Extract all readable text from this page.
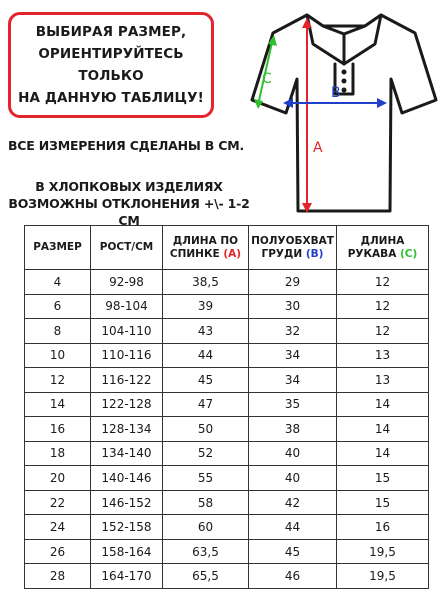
ВЫБИРАЯ РАЗМЕР,
ОРИЕНТИРУЙТЕСЬ ТОЛЬКО
НА ДАННУЮ ТАБЛИЦУ!
ВСЕ ИЗМЕРЕНИЯ СДЕЛАНЫ В СМ.
В ХЛОПКОВЫХ ИЗДЕЛИЯХ
ВОЗМОЖНЫ ОТКЛОНЕНИЯ +\- 1-2 СМ
A
B
C
РАЗМЕР	РОСТ/СМ	ДЛИНА ПО СПИНКЕ (A)	ПОЛУОБХВАТ ГРУДИ (B)	ДЛИНА РУКАВА (C)
4	92-98	38,5	29	12
6	98-104	39	30	12
8	104-110	43	32	12
10	110-116	44	34	13
12	116-122	45	34	13
14	122-128	47	35	14
16	128-134	50	38	14
18	134-140	52	40	14
20	140-146	55	40	15
22	146-152	58	42	15
24	152-158	60	44	16
26	158-164	63,5	45	19,5
28	164-170	65,5	46	19,5
